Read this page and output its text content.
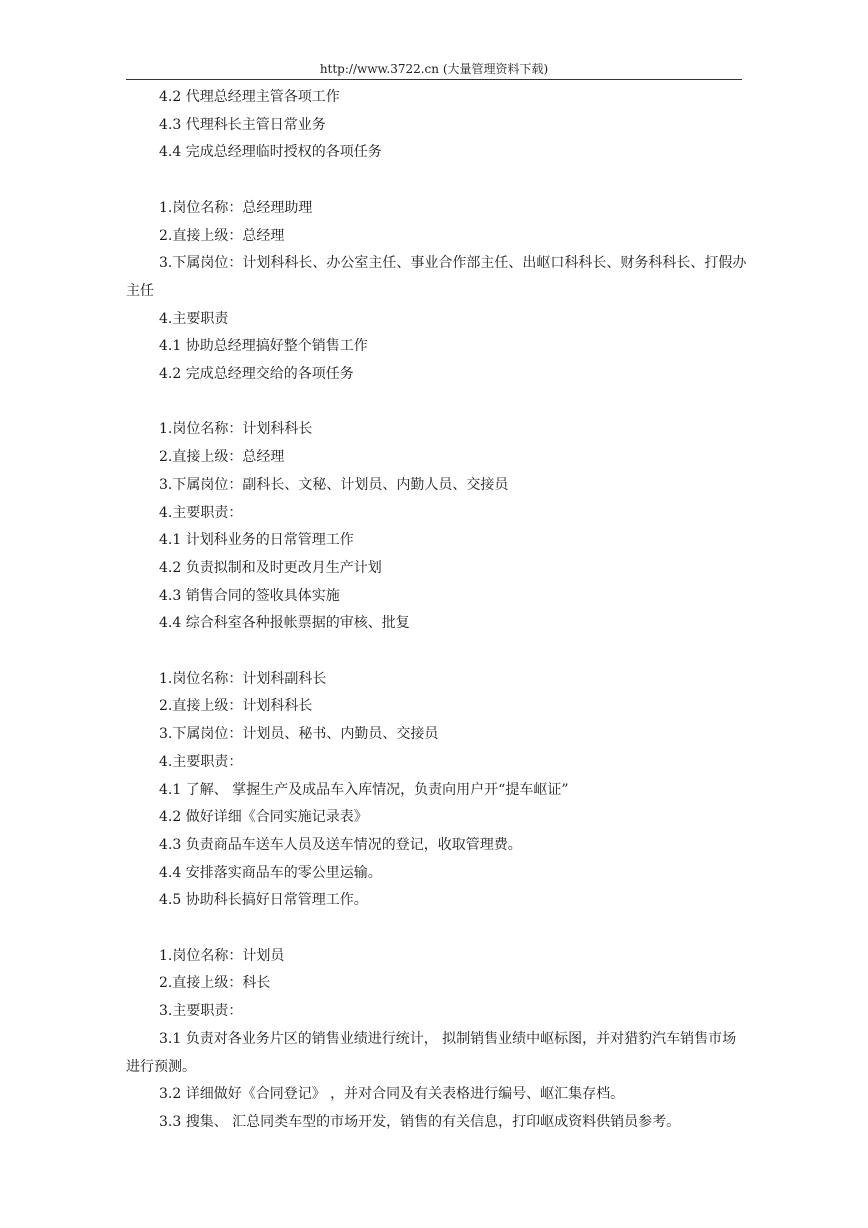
http://www.3722.cn (大量管理资料下载)
4.2 代理总经理主管各项工作
4.3 代理科长主管日常业务
4.4 完成总经理临时授权的各项任务
1.岗位名称：总经理助理
2.直接上级：总经理
3.下属岗位：计划科科长、办公室主任、事业合作部主任、出岖口科科长、财务科科长、打假办主任
4.主要职责
4.1 协助总经理搞好整个销售工作
4.2 完成总经理交给的各项任务
1.岗位名称：计划科科长
2.直接上级：总经理
3.下属岗位：副科长、文秘、计划员、内勤人员、交接员
4.主要职责：
4.1 计划科业务的日常管理工作
4.2 负责拟制和及时更改月生产计划
4.3 销售合同的签收具体实施
4.4 综合科室各种报帐票据的审核、批复
1.岗位名称：计划科副科长
2.直接上级：计划科科长
3.下属岗位：计划员、秘书、内勤员、交接员
4.主要职责：
4.1 了解、 掌握生产及成品车入库情况，负责向用户开“提车岖证”
4.2 做好详细《合同实施记录表》
4.3 负责商品车送车人员及送车情况的登记，收取管理费。
4.4 安排落实商品车的零公里运输。
4.5 协助科长搞好日常管理工作。
1.岗位名称：计划员
2.直接上级：科长
3.主要职责：
3.1 负责对各业务片区的销售业绩进行统计， 拟制销售业绩中岖标图，并对猎豹汽车销售市场进行预测。
3.2 详细做好《合同登记》 ，并对合同及有关表格进行编号、岖汇集存档。
3.3 搜集、 汇总同类车型的市场开发，销售的有关信息，打印岖成资料供销员参考。
